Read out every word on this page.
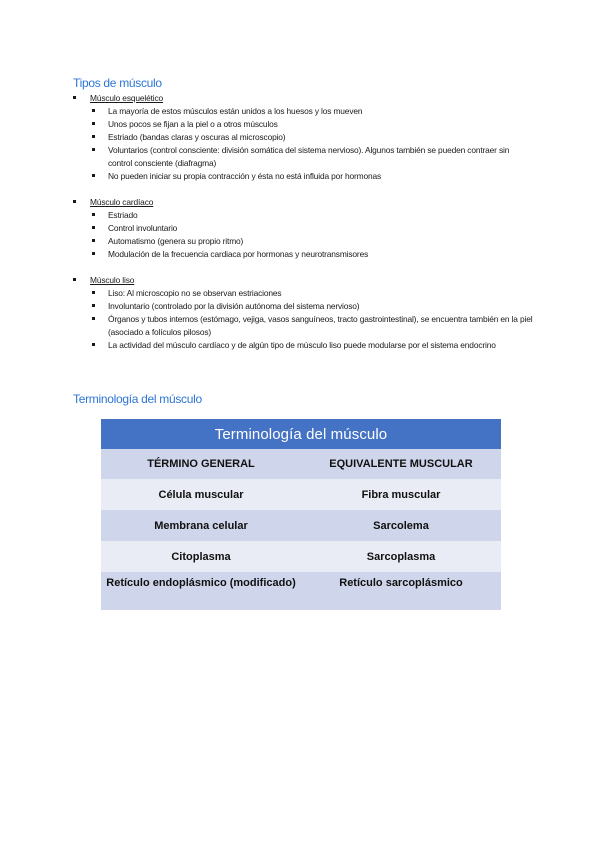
Tipos de músculo
Músculo esquelético
La mayoría de estos músculos están unidos a los huesos y los mueven
Unos pocos se fijan a la piel o a otros músculos
Estriado (bandas claras y oscuras al microscopio)
Voluntarios (control consciente: división somática del sistema nervioso). Algunos también se pueden contraer sin control consciente (diafragma)
No pueden iniciar su propia contracción y ésta no está influida por hormonas
Músculo cardíaco
Estriado
Control involuntario
Automatismo (genera su propio ritmo)
Modulación de la frecuencia cardiaca por hormonas y neurotransmisores
Músculo liso
Liso: Al microscopio no se observan estriaciones
Involuntario (controlado por la división autónoma del sistema nervioso)
Órganos y tubos internos (estómago, vejiga, vasos sanguíneos, tracto gastrointestinal), se encuentra también en la piel (asociado a folículos pilosos)
La actividad del músculo cardíaco y de algún tipo de músculo liso puede modularse por el sistema endocrino
Terminología del músculo
Terminología del músculo
TÉRMINO GENERAL	EQUIVALENTE MUSCULAR
Célula muscular	Fibra muscular
Membrana celular	Sarcolema
Citoplasma	Sarcoplasma
Retículo endoplásmico (modificado)	Retículo sarcoplásmico
